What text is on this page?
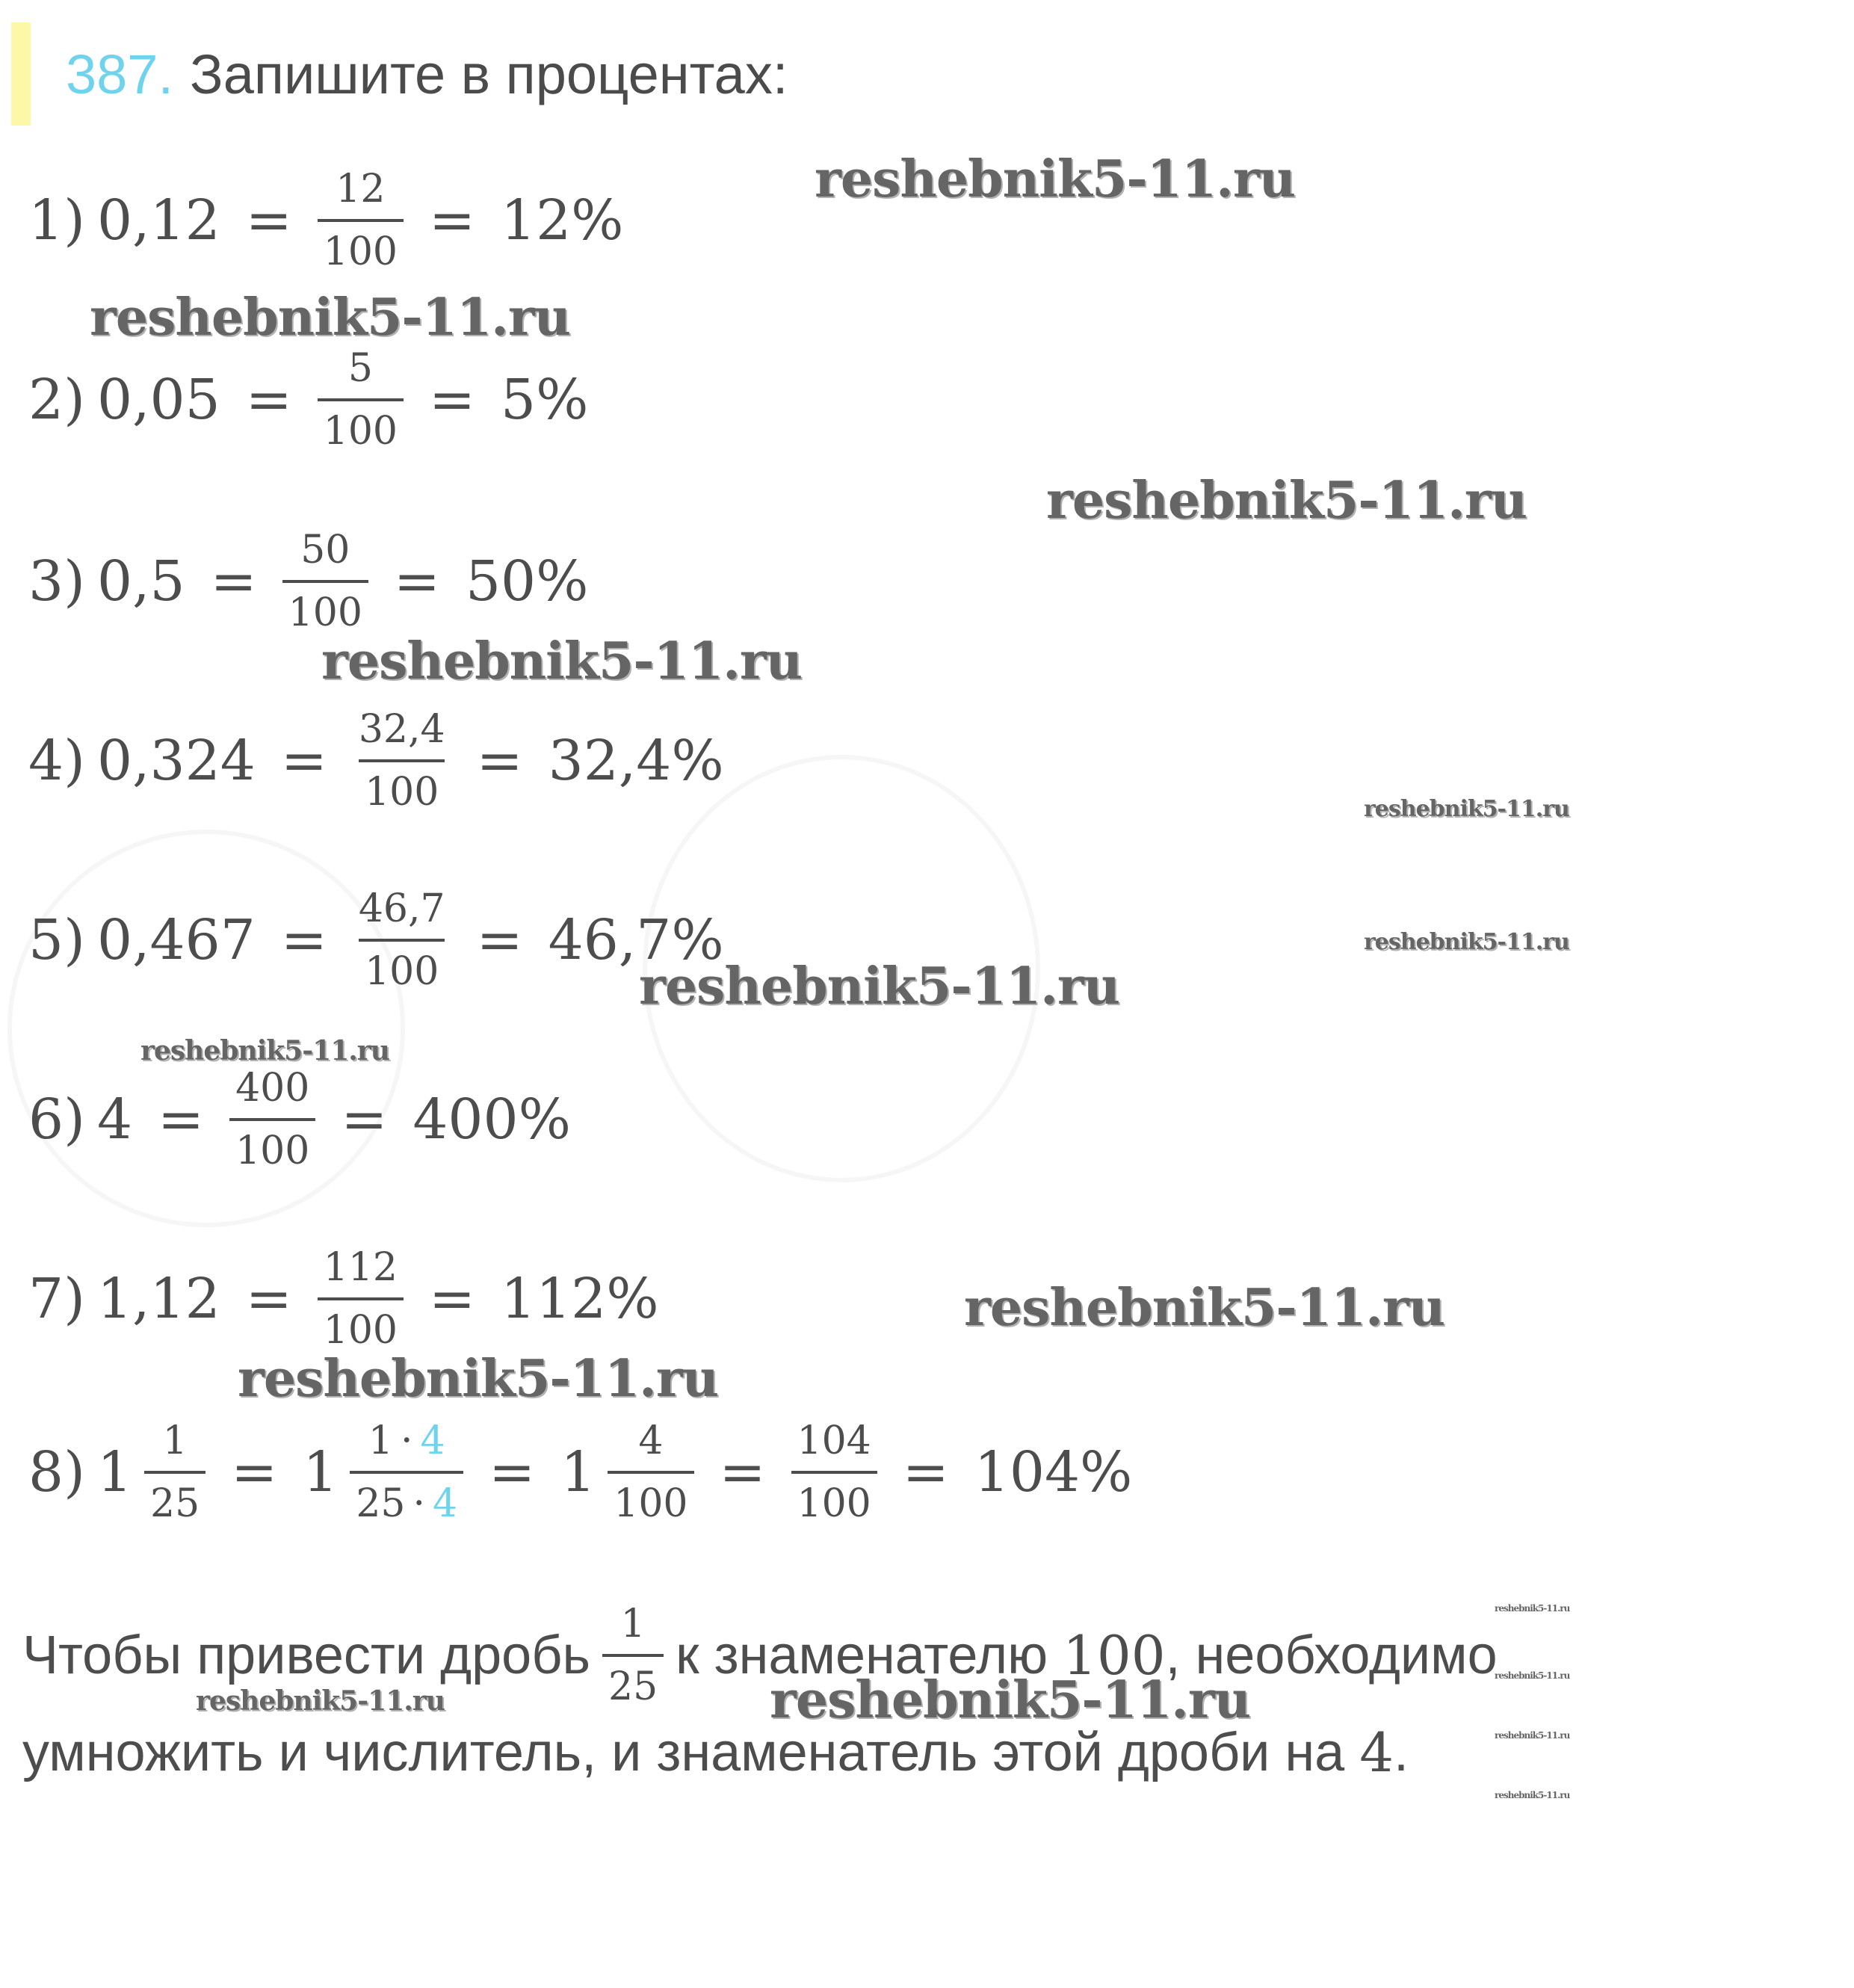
387. Запишите в процентах:
1) $0,12 = \frac{12}{100} = 12\%$
2) $0,05 = \frac{5}{100} = 5\%$
3) $0,5 = \frac{50}{100} = 50\%$
4) $0,324 = \frac{32,4}{100} = 32,4\%$
5) $0,467 = \frac{46,7}{100} = 46,7\%$
6) $4 = \frac{400}{100} = 400\%$
7) $1,12 = \frac{112}{100} = 112\%$
8) $1 \frac{1}{25} = 1 \frac{1 \cdot 4}{25 \cdot 4} = 1 \frac{4}{100} = \frac{104}{100} = 104\%$
Чтобы привести дробь $\frac{1}{25}$ к знаменателю
100 , необходимо
умножить и числитель, и знаменатель этой дроби на
4 .
reshebnik5-11.ru
reshebnik5-11.ru
reshebnik5-11.ru
reshebnik5-11.ru
reshebnik5-11.ru
reshebnik5-11.ru
reshebnik5-11.ru
reshebnik5-11.ru
reshebnik5-11.ru
reshebnik5-11.ru
reshebnik5-11.ru
reshebnik5-11.ru	reshebnik5-11.ru	reshebnik5-11.ru
reshebnik5-11.ru
reshebnik5-11.ru
